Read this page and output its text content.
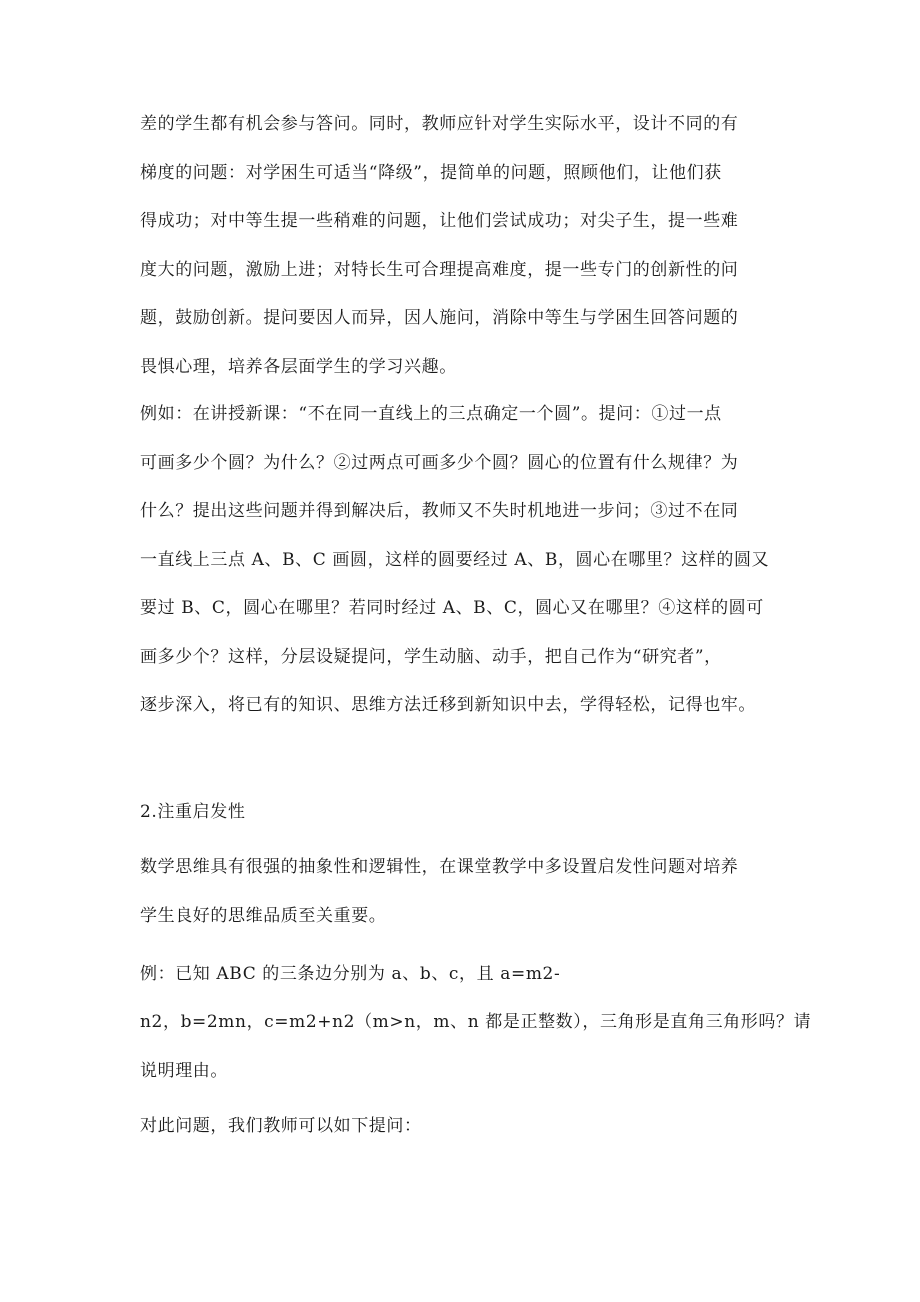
差的学生都有机会参与答问。同时，教师应针对学生实际水平，设计不同的有
梯度的问题：对学困生可适当“降级”，提简单的问题，照顾他们，让他们获
得成功；对中等生提一些稍难的问题，让他们尝试成功；对尖子生，提一些难
度大的问题，激励上进；对特长生可合理提高难度，提一些专门的创新性的问
题，鼓励创新。提问要因人而异，因人施问，消除中等生与学困生回答问题的
畏惧心理，培养各层面学生的学习兴趣。

例如：在讲授新课：“不在同一直线上的三点确定一个圆”。提问：①过一点
可画多少个圆？为什么？②过两点可画多少个圆？圆心的位置有什么规律？为
什么？提出这些问题并得到解决后，教师又不失时机地进一步问；③过不在同
一直线上三点 A、B、C 画圆，这样的圆要经过 A、B，圆心在哪里？这样的圆又
要过 B、C，圆心在哪里？若同时经过 A、B、C，圆心又在哪里？④这样的圆可
画多少个？这样，分层设疑提问，学生动脑、动手，把自己作为“研究者”，
逐步深入，将已有的知识、思维方法迁移到新知识中去，学得轻松，记得也牢。

2.注重启发性

数学思维具有很强的抽象性和逻辑性，在课堂教学中多设置启发性问题对培养
学生良好的思维品质至关重要。

例：已知 ABC 的三条边分别为 a、b、c，且 a=m2-

n2，b=2mn，c=m2+n2（m>n，m、n 都是正整数），三角形是直角三角形吗？请
说明理由。

对此问题，我们教师可以如下提问：
